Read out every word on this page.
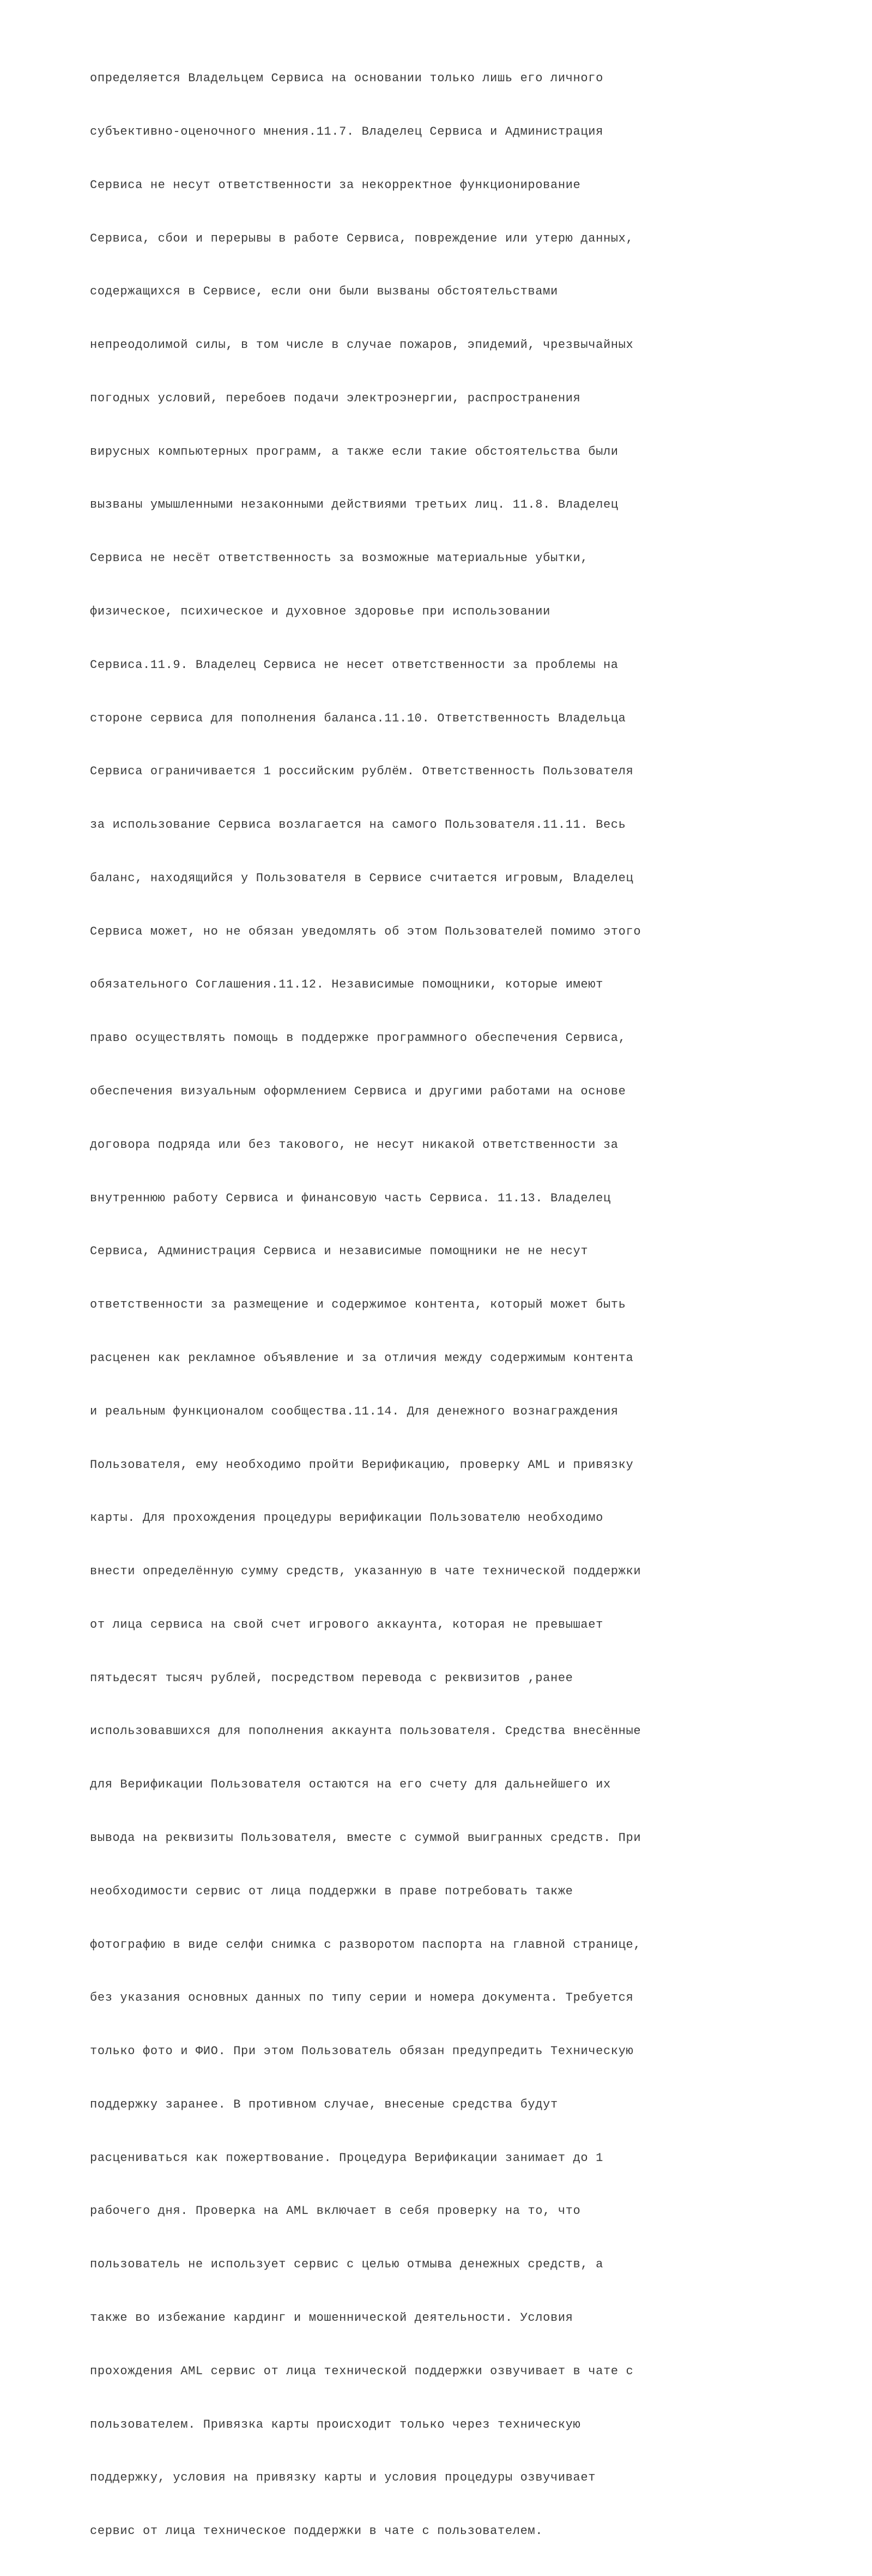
определяется Владельцем Сервиса на основании только лишь его личного

субъективно-оценочного мнения.11.7. Владелец Сервиса и Администрация

Сервиса не несут ответственности за некорректное функционирование

Сервиса, сбои и перерывы в работе Сервиса, повреждение или утерю данных,

содержащихся в Сервисе, если они были вызваны обстоятельствами

непреодолимой силы, в том числе в случае пожаров, эпидемий, чрезвычайных

погодных условий, перебоев подачи электроэнергии, распространения

вирусных компьютерных программ, а также если такие обстоятельства были

вызваны умышленными незаконными действиями третьих лиц. 11.8. Владелец

Сервиса не несёт ответственность за возможные материальные убытки,

физическое, психическое и духовное здоровье при использовании

Сервиса.11.9. Владелец Сервиса не несет ответственности за проблемы на

стороне сервиса для пополнения баланса.11.10. Ответственность Владельца

Сервиса ограничивается 1 российским рублём. Ответственность Пользователя

за использование Сервиса возлагается на самого Пользователя.11.11. Весь

баланс, находящийся у Пользователя в Сервисе считается игровым, Владелец

Сервиса может, но не обязан уведомлять об этом Пользователей помимо этого

обязательного Соглашения.11.12. Независимые помощники, которые имеют

право осуществлять помощь в поддержке программного обеспечения Сервиса,

обеспечения визуальным оформлением Сервиса и другими работами на основе

договора подряда или без такового, не несут никакой ответственности за

внутреннюю работу Сервиса и финансовую часть Сервиса. 11.13. Владелец

Сервиса, Администрация Сервиса и независимые помощники не не несут

ответственности за размещение и содержимое контента, который может быть

расценен как рекламное объявление и за отличия между содержимым контента

и реальным функционалом сообщества.11.14. Для денежного вознаграждения

Пользователя, ему необходимо пройти Верификацию, проверку AML и привязку

карты. Для прохождения процедуры верификации Пользователю необходимо

внести определённую сумму средств, указанную в чате технической поддержки

от лица сервиса на свой счет игрового аккаунта, которая не превышает

пятьдесят тысяч рублей, посредством перевода с реквизитов ,ранее

использовавшихся для пополнения аккаунта пользователя. Средства внесённые

для Верификации Пользователя остаются на его счету для дальнейшего их

вывода на реквизиты Пользователя, вместе с суммой выигранных средств. При

необходимости сервис от лица поддержки в праве потребовать также

фотографию в виде селфи снимка с разворотом паспорта на главной странице,

без указания основных данных по типу серии и номера документа. Требуется

только фото и ФИО. При этом Пользователь обязан предупредить Техническую

поддержку заранее. В противном случае, внесеные средства будут

расцениваться как пожертвование. Процедура Верификации занимает до 1

рабочего дня. Проверка на AML включает в себя проверку на то, что

пользователь не использует сервис с целью отмыва денежных средств, а

также во избежание кардинг и мошеннической деятельности. Условия

прохождения AML сервис от лица технической поддержки озвучивает в чате с

пользователем. Привязка карты происходит только через техническую

поддержку, условия на привязку карты и условия процедуры озвучивает

сервис от лица техническое поддержки в чате с пользователем.
